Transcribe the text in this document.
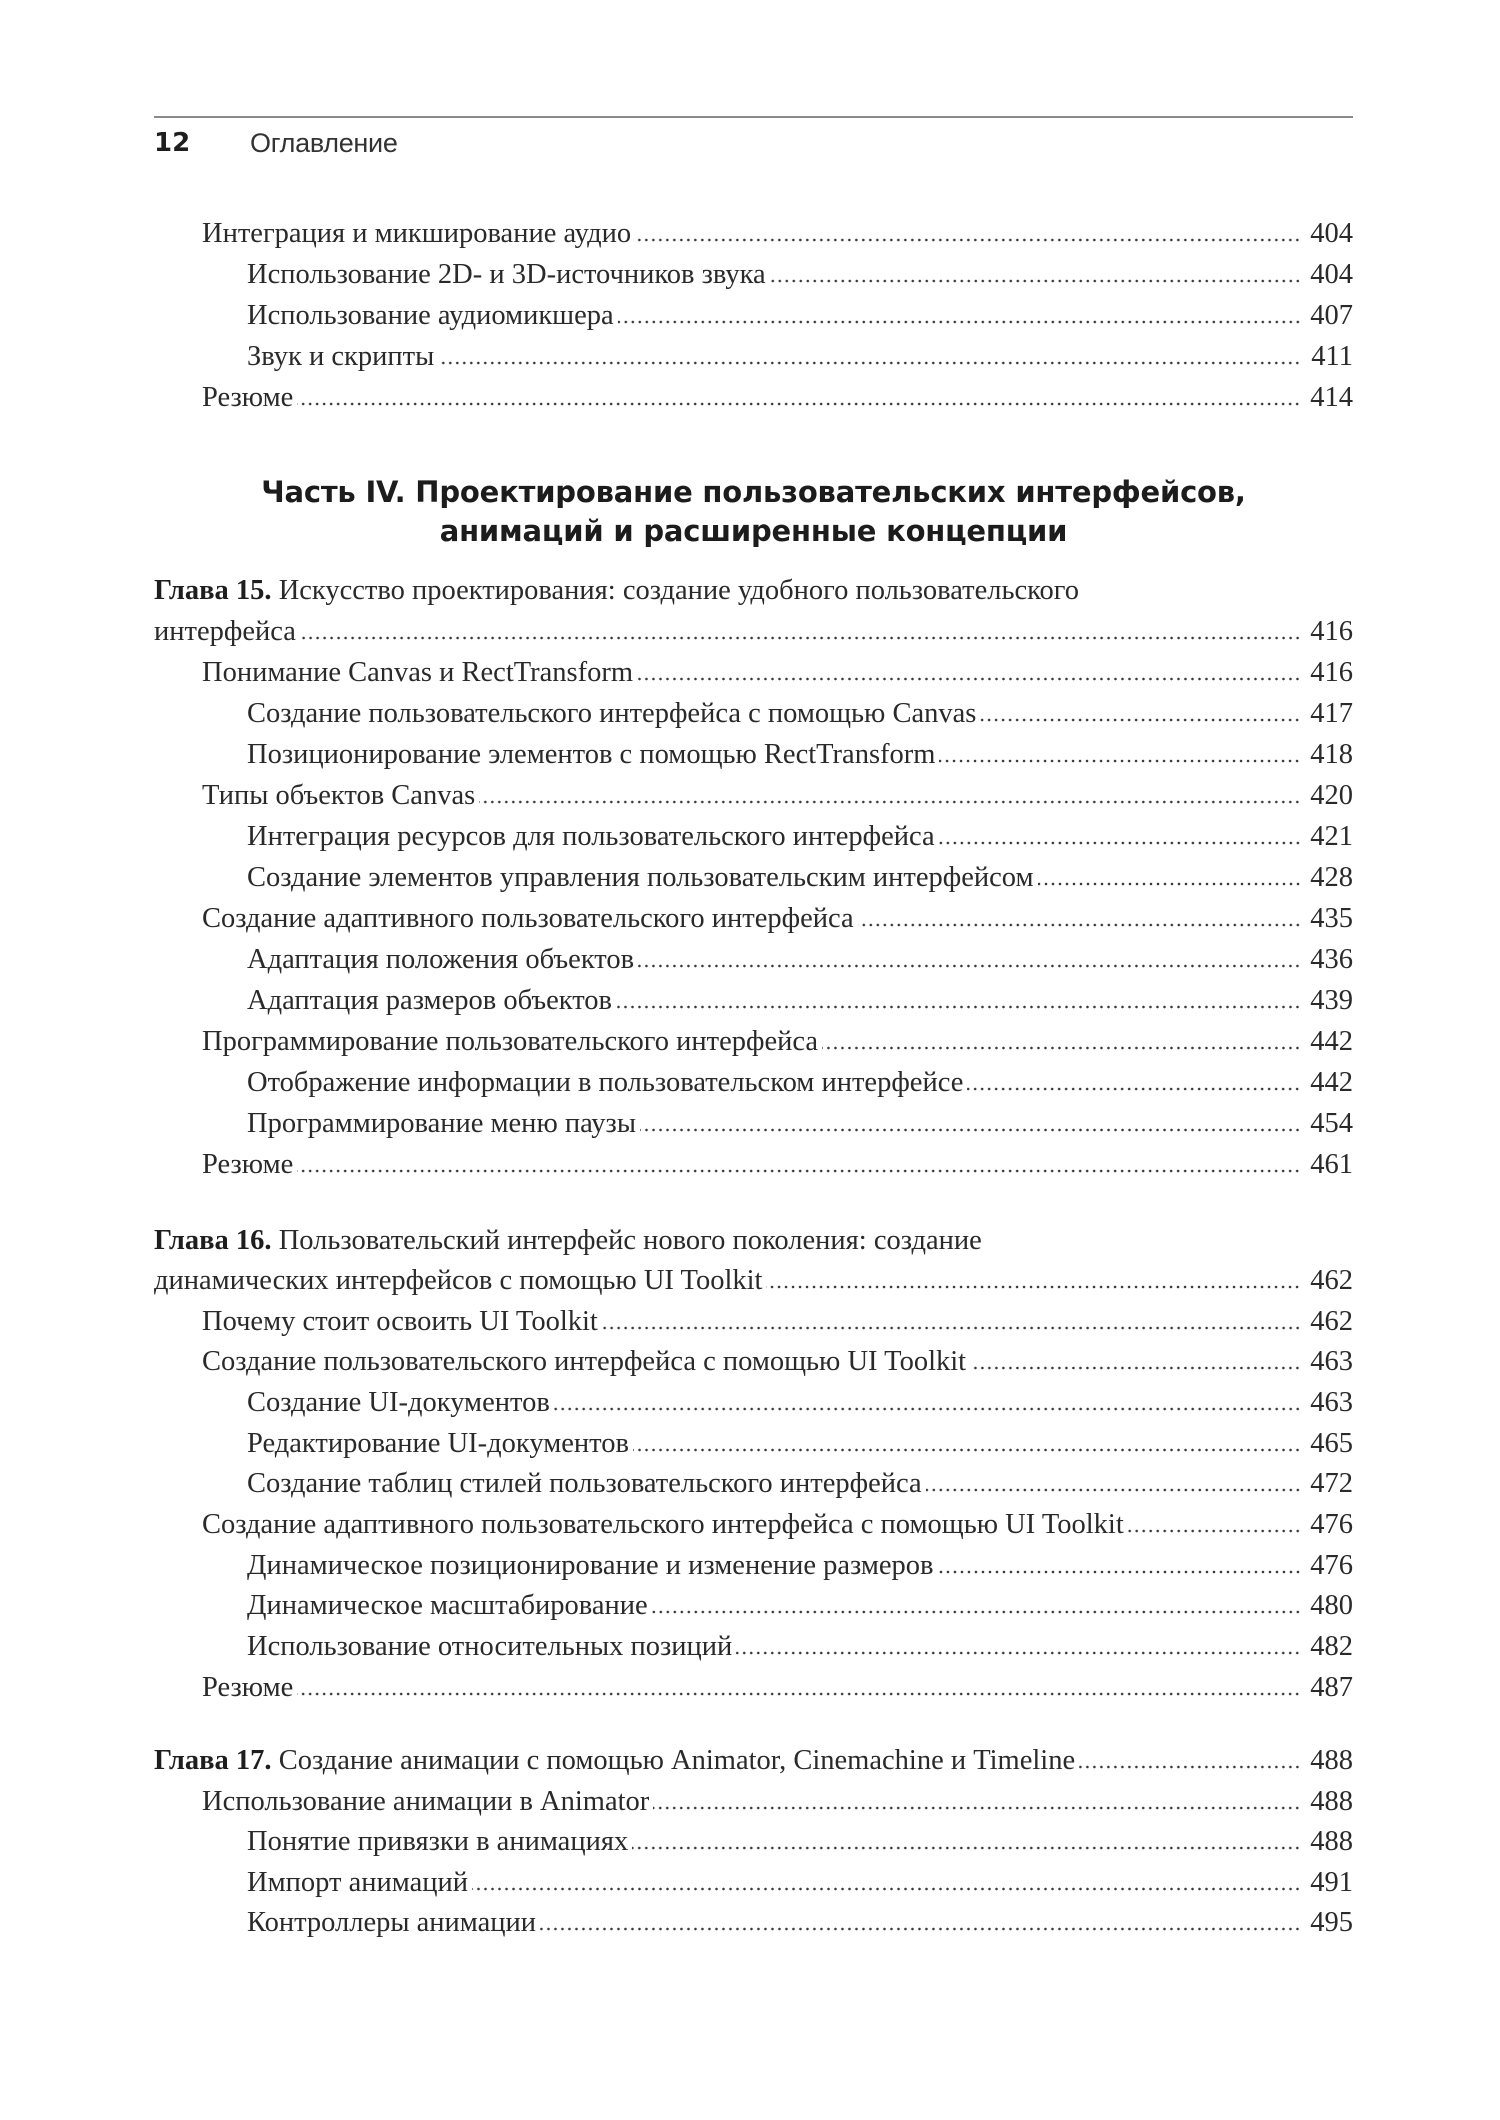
12 Оглавление
Интеграция и микширование аудио	404
Использование 2D- и 3D-источников звука	404
Использование аудиомикшера	407
Звук и скрипты	411
Резюме	414
Часть IV. Проектирование пользовательских интерфейсов,
анимаций и расширенные концепции
Глава 15. Искусство проектирования: создание удобного пользовательского
интерфейса	416
Понимание Canvas и RectTransform	416
Создание пользовательского интерфейса с помощью Canvas	417
Позиционирование элементов с помощью RectTransform	418
Типы объектов Canvas	420
Интеграция ресурсов для пользовательского интерфейса	421
Создание элементов управления пользовательским интерфейсом	428
Создание адаптивного пользовательского интерфейса	435
Адаптация положения объектов	436
Адаптация размеров объектов	439
Программирование пользовательского интерфейса	442
Отображение информации в пользовательском интерфейсе	442
Программирование меню паузы	454
Резюме	461
Глава 16. Пользовательский интерфейс нового поколения: создание
динамических интерфейсов с помощью UI Toolkit	462
Почему стоит освоить UI Toolkit	462
Создание пользовательского интерфейса с помощью UI Toolkit	463
Создание UI-документов	463
Редактирование UI-документов	465
Создание таблиц стилей пользовательского интерфейса	472
Создание адаптивного пользовательского интерфейса с помощью UI Toolkit	476
Динамическое позиционирование и изменение размеров	476
Динамическое масштабирование	480
Использование относительных позиций	482
Резюме	487
Глава 17. Создание анимации с помощью Animator, Cinemachine и Timeline	488
Использование анимации в Animator	488
Понятие привязки в анимациях	488
Импорт анимаций	491
Контроллеры анимации	495
